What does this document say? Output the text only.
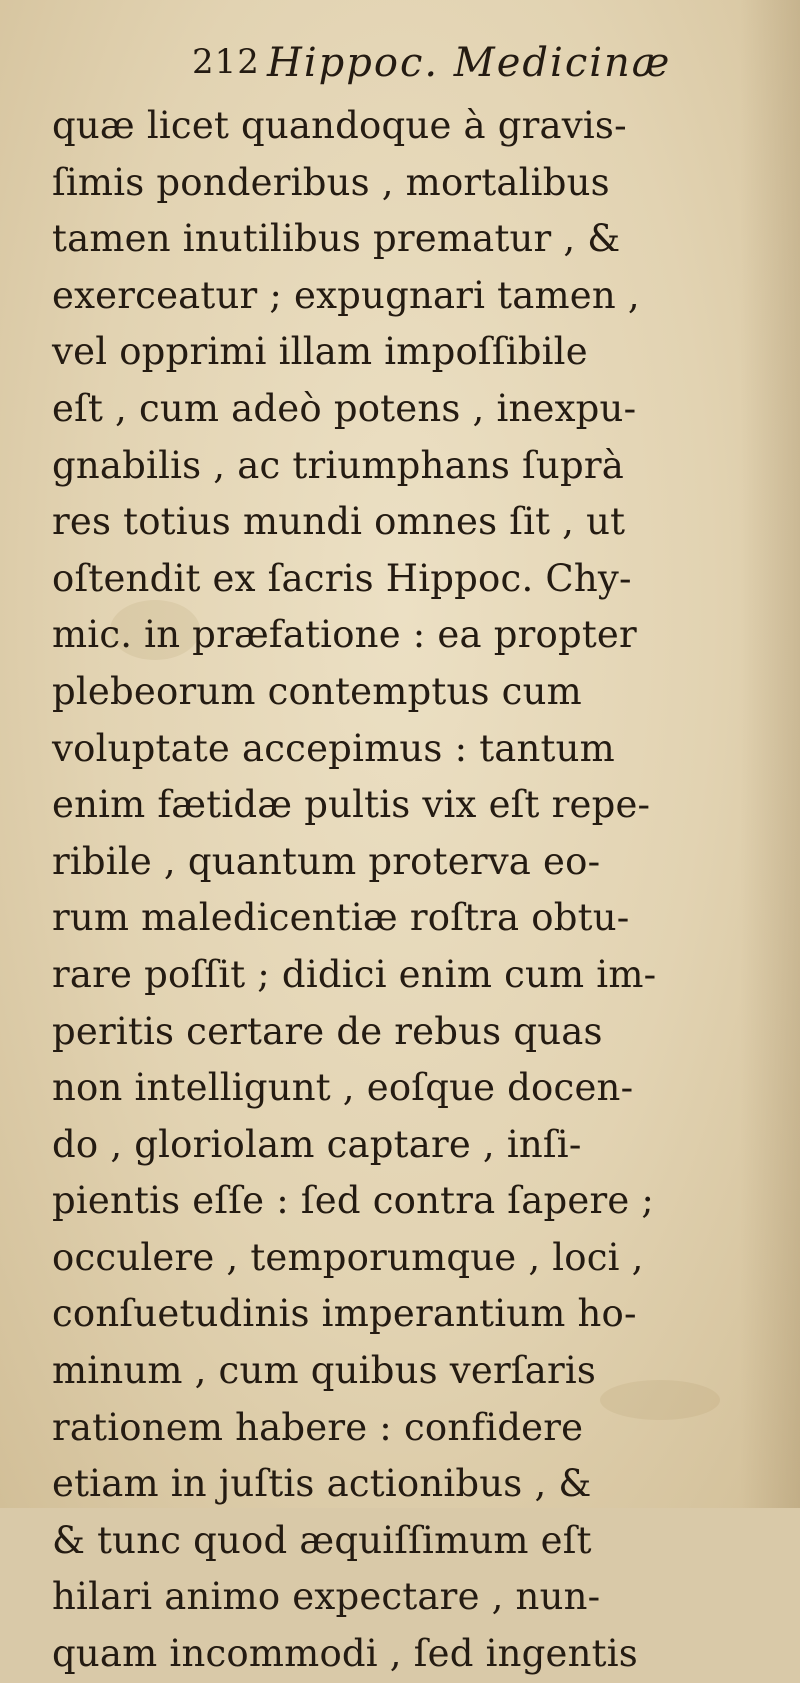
212 Hippoc. Medicinæ
quæ licet quandoque à gravis-
ſimis ponderibus , mortalibus
tamen inutilibus prematur , &
exerceatur ; expugnari tamen ,
vel opprimi illam impoſſibile
eſt , cum adeò potens , inexpu-
gnabilis , ac triumphans ſuprà
res totius mundi omnes ſit , ut
oſtendit ex ſacris Hippoc. Chy-
mic. in præfatione : ea propter
plebeorum contemptus cum
voluptate accepimus : tantum
enim fætidæ pultis vix eſt repe-
ribile , quantum proterva eo-
rum maledicentiæ roſtra obtu-
rare poſſit ; didici enim cum im-
peritis certare de rebus quas
non intelligunt , eoſque docen-
do , gloriolam captare , inſi-
pientis eſſe : ſed contra ſapere ;
occulere , temporumque , loci ,
conſuetudinis imperantium ho-
minum , cum quibus verſaris
rationem habere : confidere
etiam in juſtis actionibus , &
& tunc quod æquiſſimum eſt
hilari animo expectare , nun-
quam incommodi , ſed ingentis
